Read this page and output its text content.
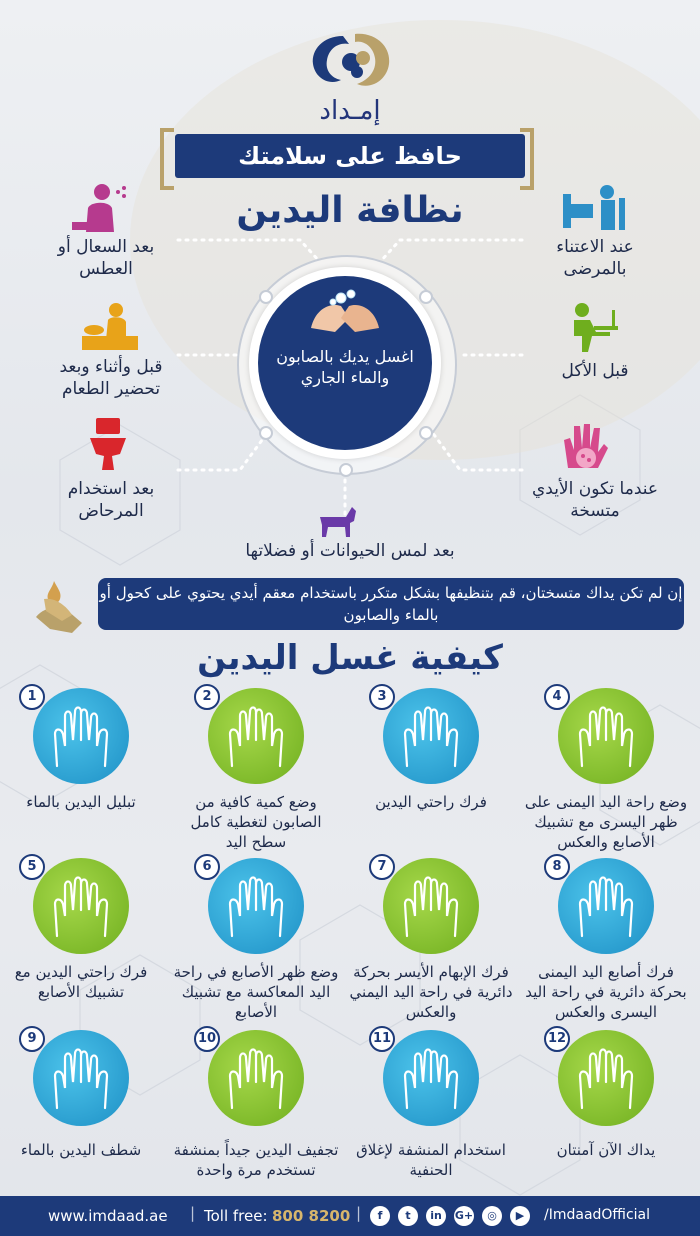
إمـداد
حافظ على سلامتك
نظافة اليدين
اغسل يديك بالصابون والماء الجاري
بعد السعال أو العطس
قبل وأثناء وبعد تحضير الطعام
بعد استخدام المرحاض
بعد لمس الحيوانات أو فضلاتها
عند الاعتناء بالمرضى
قبل الأكل
عندما تكون الأيدي متسخة
إن لم تكن يداك متسختان، قم بتنظيفها بشكل متكرر باستخدام معقم أيدي يحتوي على كحول أو بالماء والصابون
كيفية غسل اليدين
1
تبليل اليدين بالماء
2
وضع كمية كافية من الصابون لتغطية كامل سطح اليد
3
فرك راحتي اليدين
4
وضع راحة اليد اليمنى على ظهر اليسرى مع تشبيك الأصابع والعكس
5
فرك راحتي اليدين مع تشبيك الأصابع
6
وضع ظهر الأصابع في راحة اليد المعاكسة مع تشبيك الأصابع
7
فرك الإبهام الأيسر بحركة دائرية في راحة اليد اليمني والعكس
8
فرك أصابع اليد اليمنى بحركة دائرية في راحة اليد اليسرى والعكس
9
شطف اليدين بالماء
10
تجفيف اليدين جيداً بمنشفة تستخدم مرة واحدة
11
استخدام المنشفة لإغلاق الحنفية
12
يداك الآن آمنتان
www.imdaad.ae | Toll free: 800 8200 |	f	t	in	G+	◎	▶	/ImdaadOfficial
